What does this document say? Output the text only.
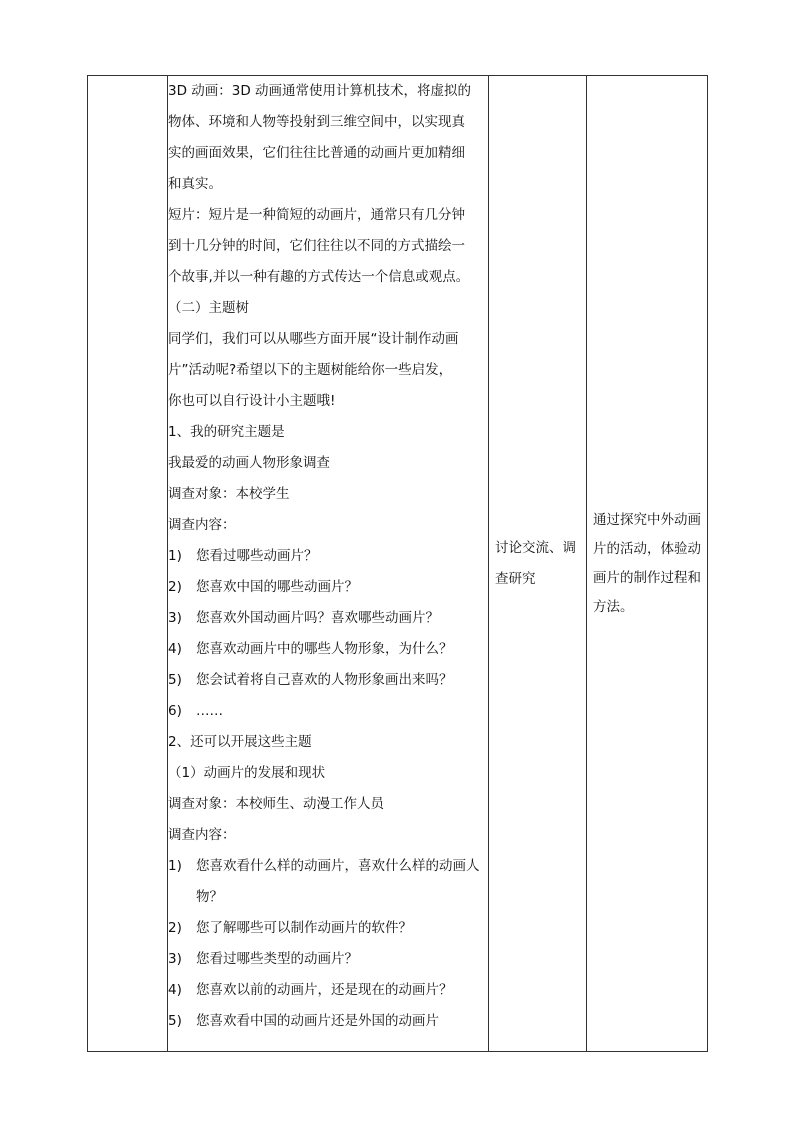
3D 动画：3D 动画通常使用计算机技术，将虚拟的
物体、环境和人物等投射到三维空间中，以实现真
实的画面效果，它们往往比普通的动画片更加精细
和真实。
短片：短片是一种简短的动画片，通常只有几分钟
到十几分钟的时间，它们往往以不同的方式描绘一
个故事,并以一种有趣的方式传达一个信息或观点。
（二）主题树
同学们，我们可以从哪些方面开展“设计制作动画
片”活动呢?希望以下的主题树能给你一些启发，
你也可以自行设计小主题哦!
1、我的研究主题是
我最爱的动画人物形象调查
调查对象：本校学生
调查内容：
1)	您看过哪些动画片？
2)	您喜欢中国的哪些动画片？
3)	您喜欢外国动画片吗？喜欢哪些动画片？
4)	您喜欢动画片中的哪些人物形象，为什么？
5)	您会试着将自己喜欢的人物形象画出来吗？
6)	……
2、还可以开展这些主题
（1）动画片的发展和现状
调查对象：本校师生、动漫工作人员
调查内容：
1)	您喜欢看什么样的动画片，喜欢什么样的动画人物？
2)	您了解哪些可以制作动画片的软件？
3)	您看过哪些类型的动画片？
4)	您喜欢以前的动画片，还是现在的动画片？
5)	您喜欢看中国的动画片还是外国的动画片
	讨论交流、调查研究	通过探究中外动画片的活动，体验动画片的制作过程和方法。
